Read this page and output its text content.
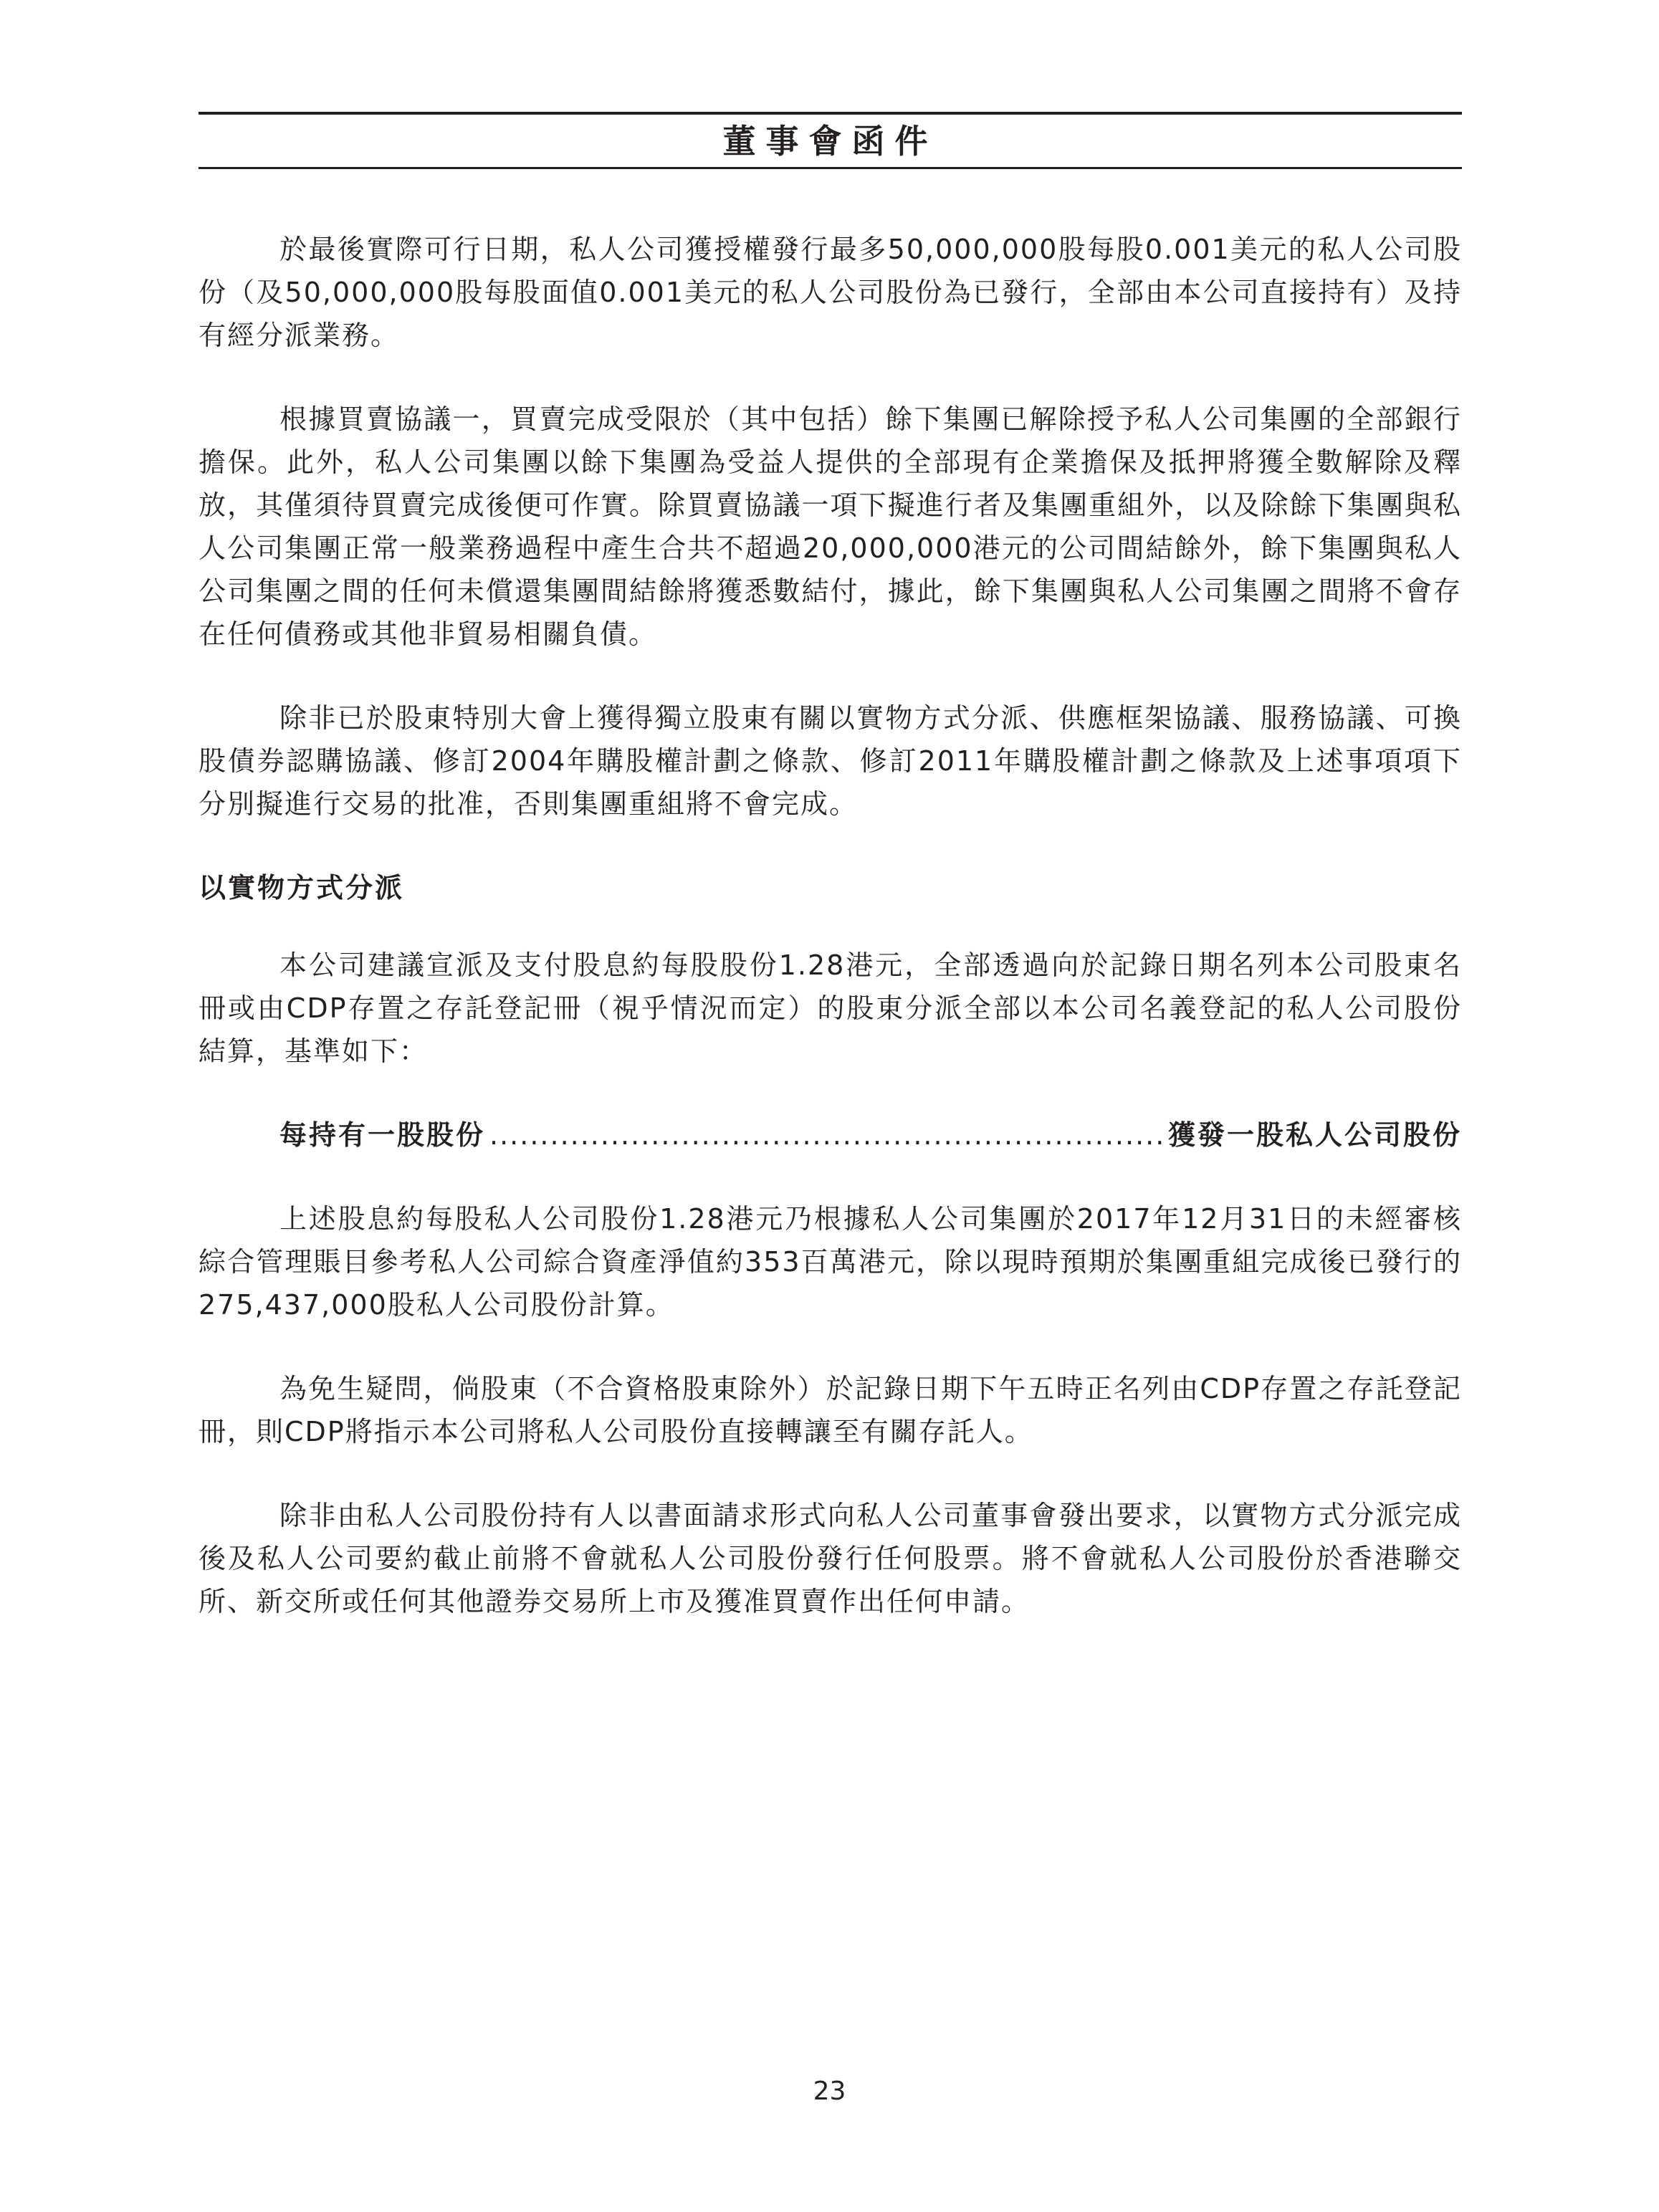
董事會函件

於最後實際可行日期，私人公司獲授權發行最多50,000,000股每股0.001美元的私人公司股份（及50,000,000股每股面值0.001美元的私人公司股份為已發行，全部由本公司直接持有）及持有經分派業務。

根據買賣協議一，買賣完成受限於（其中包括）餘下集團已解除授予私人公司集團的全部銀行擔保。此外，私人公司集團以餘下集團為受益人提供的全部現有企業擔保及抵押將獲全數解除及釋放，其僅須待買賣完成後便可作實。除買賣協議一項下擬進行者及集團重組外，以及除餘下集團與私人公司集團正常一般業務過程中產生合共不超過20,000,000港元的公司間結餘外，餘下集團與私人公司集團之間的任何未償還集團間結餘將獲悉數結付，據此，餘下集團與私人公司集團之間將不會存在任何債務或其他非貿易相關負債。

除非已於股東特別大會上獲得獨立股東有關以實物方式分派、供應框架協議、服務協議、可換股債券認購協議、修訂2004年購股權計劃之條款、修訂2011年購股權計劃之條款及上述事項項下分別擬進行交易的批准，否則集團重組將不會完成。

以實物方式分派

本公司建議宣派及支付股息約每股股份1.28港元，全部透過向於記錄日期名列本公司股東名冊或由CDP存置之存託登記冊（視乎情況而定）的股東分派全部以本公司名義登記的私人公司股份結算，基準如下：

每持有一股股份
.....	獲發一股私人公司股份

上述股息約每股私人公司股份1.28港元乃根據私人公司集團於2017年12月31日的未經審核綜合管理賬目參考私人公司綜合資產淨值約353百萬港元，除以現時預期於集團重組完成後已發行的275,437,000股私人公司股份計算。

為免生疑問，倘股東（不合資格股東除外）於記錄日期下午五時正名列由CDP存置之存託登記冊，則CDP將指示本公司將私人公司股份直接轉讓至有關存託人。

除非由私人公司股份持有人以書面請求形式向私人公司董事會發出要求，以實物方式分派完成後及私人公司要約截止前將不會就私人公司股份發行任何股票。將不會就私人公司股份於香港聯交所、新交所或任何其他證券交易所上市及獲准買賣作出任何申請。

23
